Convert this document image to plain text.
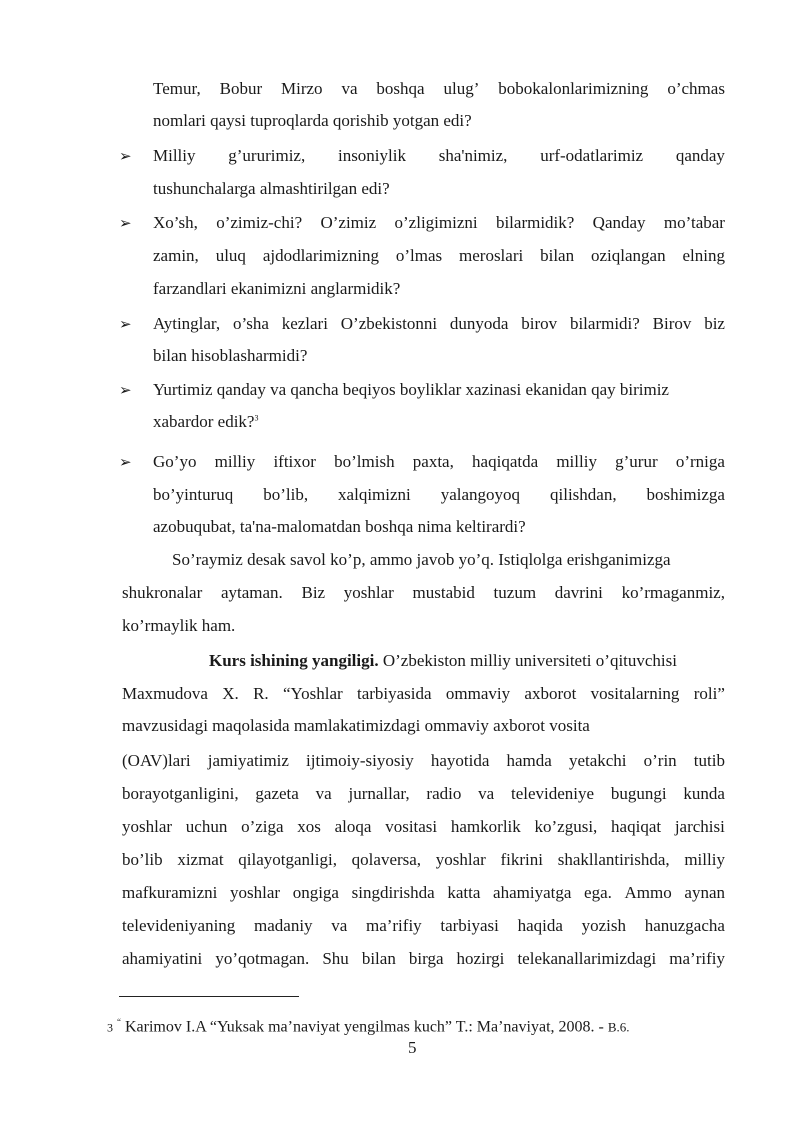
Temur, Bobur Mirzo va boshqa ulug’ bobokalonlarimizning o’chmas
nomlari qaysi tuproqlarda qorishib yotgan edi?
➢ Milliy g’ururimiz, insoniylik sha'nimiz, urf-odatlarimiz qanday
tushunchalarga almashtirilgan edi?
➢ Xo’sh, o’zimiz-chi? O’zimiz o’zligimizni bilarmidik? Qanday mo’tabar
zamin, uluq ajdodlarimizning o’lmas meroslari bilan oziqlangan elning
farzandlari ekanimizni anglarmidik?
➢ Aytinglar, o’sha kezlari O’zbekistonni dunyoda birov bilarmidi? Birov biz
bilan hisoblasharmidi?
➢ Yurtimiz qanday va qancha beqiyos boyliklar xazinasi ekanidan qay birimiz
xabardor edik?$^3$
➢ Go’yo milliy iftixor bo’lmish paxta, haqiqatda milliy g’urur o’rniga
bo’yinturuq bo’lib, xalqimizni yalangoyoq qilishdan, boshimizga
azobuqubat, ta'na-malomatdan boshqa nima keltirardi?
So’raymiz desak savol ko’p, ammo javob yo’q. Istiqlolga erishganimizga
shukronalar aytaman. Biz yoshlar mustabid tuzum davrini ko’rmaganmiz,
ko’rmaylik ham.
Kurs ishining yangiligi. O’zbekiston milliy universiteti o’qituvchisi
Maxmudova X. R. “Yoshlar tarbiyasida ommaviy axborot vositalarning roli”
mavzusidagi maqolasida mamlakatimizdagi ommaviy axborot vosita
(OAV)lari jamiyatimiz ijtimoiy-siyosiy hayotida hamda yetakchi o’rin tutib
borayotganligini, gazeta va jurnallar, radio va televideniye bugungi kunda
yoshlar uchun o’ziga xos aloqa vositasi hamkorlik ko’zgusi, haqiqat jarchisi
bo’lib xizmat qilayotganligi, qolaversa, yoshlar fikrini shakllantirishda, milliy
mafkuramizni yoshlar ongiga singdirishda katta ahamiyatga ega. Ammo aynan
televideniyaning madaniy va ma’rifiy tarbiyasi haqida yozish hanuzgacha
ahamiyatini yo’qotmagan. Shu bilan birga hozirgi telekanallarimizdagi ma’rifiy
3 “ Karimov I.A “Yuksak ma’naviyat yengilmas kuch” T.: Ma’naviyat, 2008. - B.6.
5
